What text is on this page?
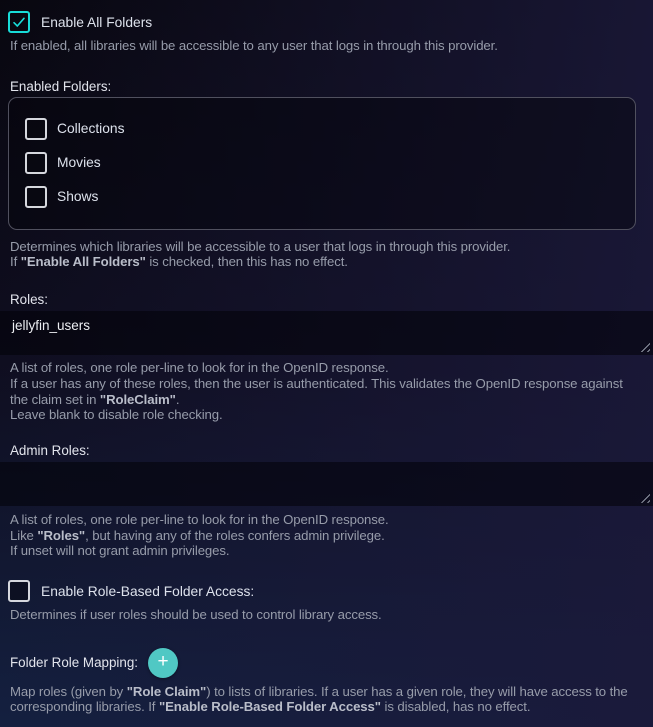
Enable All Folders

If enabled, all libraries will be accessible to any user that logs in through this provider.

Enabled Folders:
Collections
Movies
Shows

Determines which libraries will be accessible to a user that logs in through this provider.
If "Enable All Folders" is checked, then this has no effect.

Roles:
jellyfin_users

A list of roles, one role per-line to look for in the OpenID response.
If a user has any of these roles, then the user is authenticated. This validates the OpenID response against the claim set in "RoleClaim".
Leave blank to disable role checking.

Admin Roles:

A list of roles, one role per-line to look for in the OpenID response.
Like "Roles", but having any of the roles confers admin privilege.
If unset will not grant admin privileges.

Enable Role-Based Folder Access:

Determines if user roles should be used to control library access.

Folder Role Mapping: +

Map roles (given by "Role Claim") to lists of libraries. If a user has a given role, they will have access to the corresponding libraries. If "Enable Role-Based Folder Access" is disabled, has no effect.
